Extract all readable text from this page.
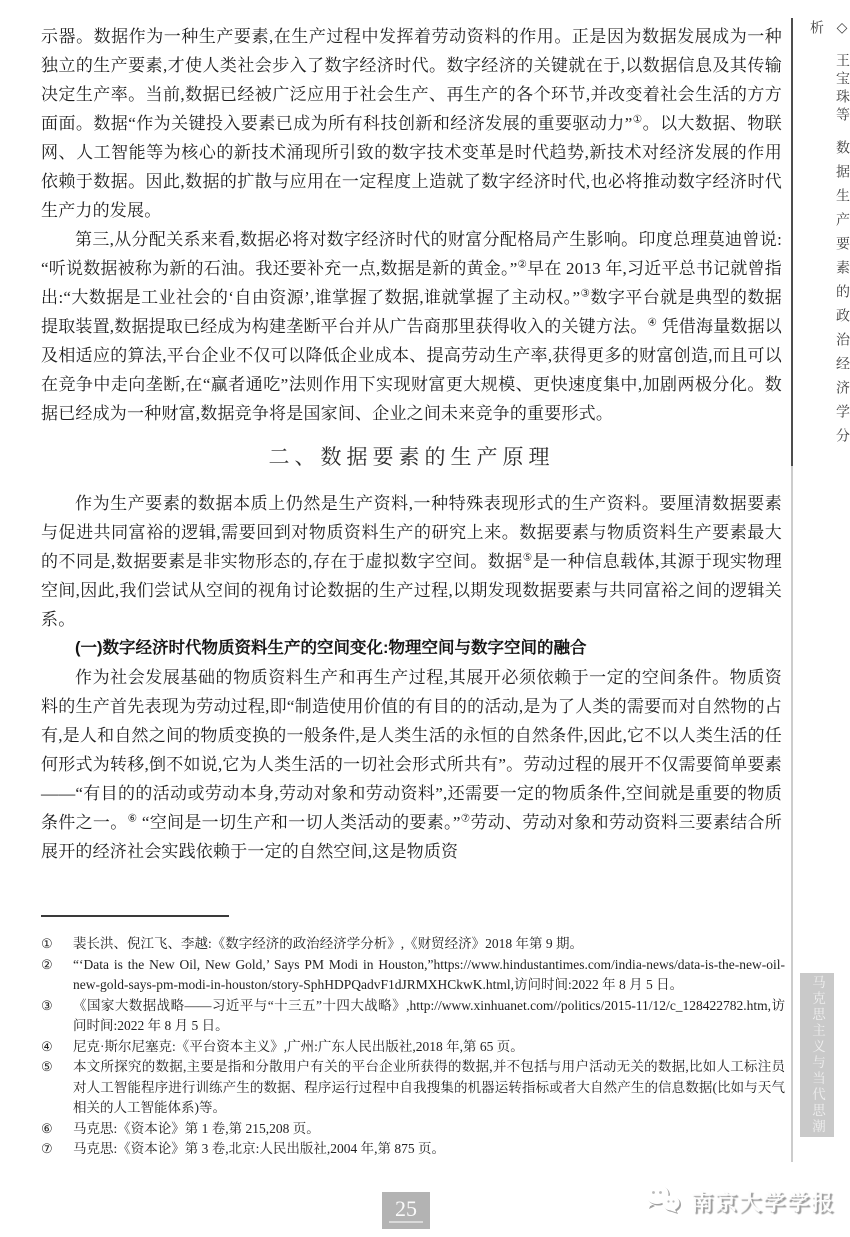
示器。数据作为一种生产要素,在生产过程中发挥着劳动资料的作用。正是因为数据发展成为一种独立的生产要素,才使人类社会步入了数字经济时代。数字经济的关键就在于,以数据信息及其传输决定生产率。当前,数据已经被广泛应用于社会生产、再生产的各个环节,并改变着社会生活的方方面面。数据“作为关键投入要素已成为所有科技创新和经济发展的重要驱动力”①。以大数据、物联网、人工智能等为核心的新技术涌现所引致的数字技术变革是时代趋势,新技术对经济发展的作用依赖于数据。因此,数据的扩散与应用在一定程度上造就了数字经济时代,也必将推动数字经济时代生产力的发展。

第三,从分配关系来看,数据必将对数字经济时代的财富分配格局产生影响。印度总理莫迪曾说:“听说数据被称为新的石油。我还要补充一点,数据是新的黄金。”②早在 2013 年,习近平总书记就曾指出:“大数据是工业社会的‘自由资源’,谁掌握了数据,谁就掌握了主动权。”③数字平台就是典型的数据提取装置,数据提取已经成为构建垄断平台并从广告商那里获得收入的关键方法。④ 凭借海量数据以及相适应的算法,平台企业不仅可以降低企业成本、提高劳动生产率,获得更多的财富创造,而且可以在竞争中走向垄断,在“赢者通吃”法则作用下实现财富更大规模、更快速度集中,加剧两极分化。数据已经成为一种财富,数据竞争将是国家间、企业之间未来竞争的重要形式。

二、数据要素的生产原理

作为生产要素的数据本质上仍然是生产资料,一种特殊表现形式的生产资料。要厘清数据要素与促进共同富裕的逻辑,需要回到对物质资料生产的研究上来。数据要素与物质资料生产要素最大的不同是,数据要素是非实物形态的,存在于虚拟数字空间。数据⑤是一种信息载体,其源于现实物理空间,因此,我们尝试从空间的视角讨论数据的生产过程,以期发现数据要素与共同富裕之间的逻辑关系。

(一)数字经济时代物质资料生产的空间变化:物理空间与数字空间的融合

作为社会发展基础的物质资料生产和再生产过程,其展开必须依赖于一定的空间条件。物质资料的生产首先表现为劳动过程,即“制造使用价值的有目的的活动,是为了人类的需要而对自然物的占有,是人和自然之间的物质变换的一般条件,是人类生活的永恒的自然条件,因此,它不以人类生活的任何形式为转移,倒不如说,它为人类生活的一切社会形式所共有”。劳动过程的展开不仅需要简单要素——“有目的的活动或劳动本身,劳动对象和劳动资料”,还需要一定的物质条件,空间就是重要的物质条件之一。⑥ “空间是一切生产和一切人类活动的要素。”⑦劳动、劳动对象和劳动资料三要素结合所展开的经济社会实践依赖于一定的自然空间,这是物质资

①	裴长洪、倪江飞、李越:《数字经济的政治经济学分析》,《财贸经济》2018 年第 9 期。
②	“‘Data is the New Oil, New Gold,’ Says PM Modi in Houston,”https://www.hindustantimes.com/india-news/data-is-the-new-oil-new-gold-says-pm-modi-in-houston/story-SphHDPQadvF1dJRMXHCkwK.html,访问时间:2022 年 8 月 5 日。
③	《国家大数据战略——习近平与“十三五”十四大战略》,http://www.xinhuanet.com//politics/2015-11/12/c_128422782.htm,访问时间:2022 年 8 月 5 日。
④	尼克·斯尔尼塞克:《平台资本主义》,广州:广东人民出版社,2018 年,第 65 页。
⑤	本文所探究的数据,主要是指和分散用户有关的平台企业所获得的数据,并不包括与用户活动无关的数据,比如人工标注员对人工智能程序进行训练产生的数据、程序运行过程中自我搜集的机器运转指标或者大自然产生的信息数据(比如与天气相关的人工智能体系)等。
⑥	马克思:《资本论》第 1 卷,第 215,208 页。
⑦	马克思:《资本论》第 3 卷,北京:人民出版社,2004 年,第 875 页。
◇ 王宝珠等 数据生产要素的政治经济学分析
马克思主义与当代思潮
25	南京大学学报
